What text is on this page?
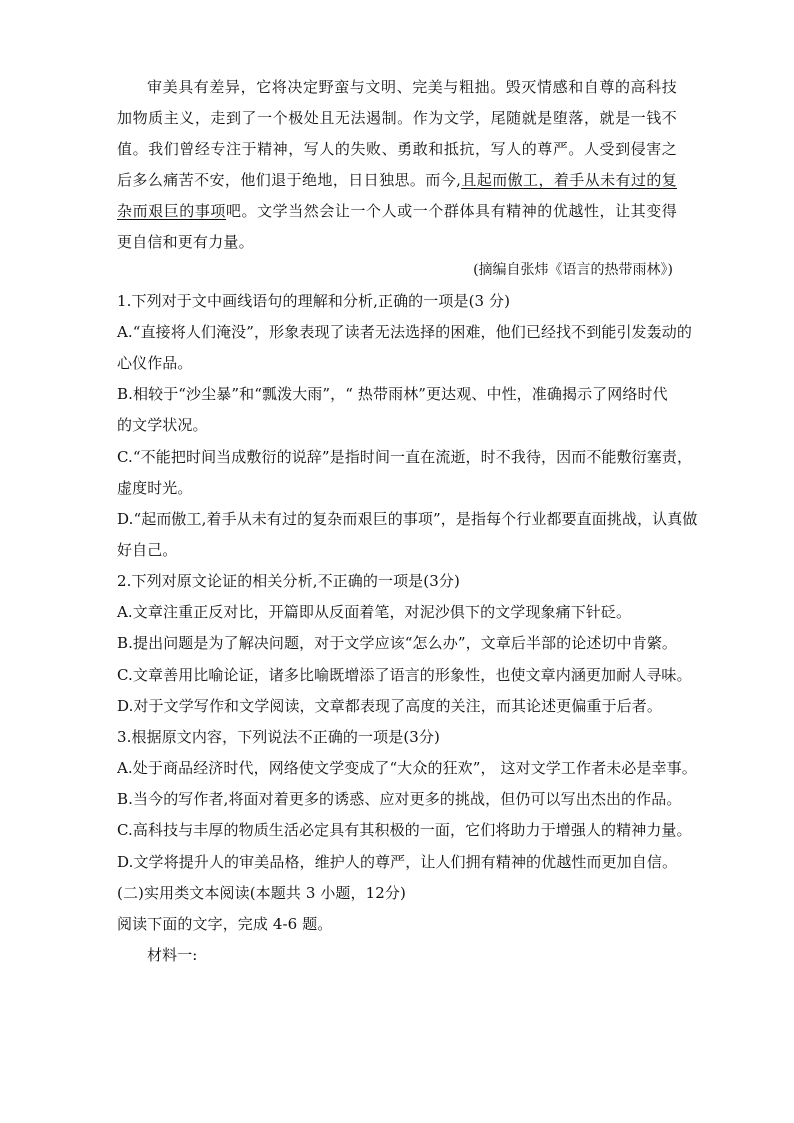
审美具有差异，它将决定野蛮与文明、完美与粗拙。毁灭情感和自尊的高科技加物质主义，走到了一个极处且无法遏制。作为文学，尾随就是堕落，就是一钱不值。我们曾经专注于精神，写人的失败、勇敢和抵抗，写人的尊严。人受到侵害之后多么痛苦不安，他们退于绝地，日日独思。而今,且起而傲工，着手从未有过的复杂而艰巨的事项吧。文学当然会让一个人或一个群体具有精神的优越性，让其变得更自信和更有力量。
(摘编自张炜《语言的热带雨林》)
1.下列对于文中画线语句的理解和分析,正确的一项是(3 分)
A.“直接将人们淹没”，形象表现了读者无法选择的困难，他们已经找不到能引发轰动的
心仪作品。
B.相较于“沙尘暴”和“瓢泼大雨”，“ 热带雨林”更达观、中性，准确揭示了网络时代
的文学状况。
C.“不能把时间当成敷衍的说辞”是指时间一直在流逝，时不我待，因而不能敷衍塞责，
虚度时光。
D.“起而傲工,着手从未有过的复杂而艰巨的事项”，是指每个行业都要直面挑战，认真做
好自己。
2.下列对原文论证的相关分析,不正确的一项是(3分)
A.文章注重正反对比，开篇即从反面着笔，对泥沙俱下的文学现象痛下针砭。
B.提出问题是为了解决问题，对于文学应该“怎么办”，文章后半部的论述切中肯綮。
C.文章善用比喻论证，诸多比喻既增添了语言的形象性，也使文章内涵更加耐人寻味。
D.对于文学写作和文学阅读，文章都表现了高度的关注，而其论述更偏重于后者。
3.根据原文内容，下列说法不正确的一项是(3分)
A.处于商品经济时代，网络使文学变成了“大众的狂欢”， 这对文学工作者未必是幸事。
B.当今的写作者,将面对着更多的诱惑、应对更多的挑战，但仍可以写出杰出的作品。
C.高科技与丰厚的物质生活必定具有其积极的一面，它们将助力于增强人的精神力量。
D.文学将提升人的审美品格，维护人的尊严，让人们拥有精神的优越性而更加自信。
(二)实用类文本阅读(本题共 3 小题，12分)
阅读下面的文字，完成 4-6 题。
材料一:
